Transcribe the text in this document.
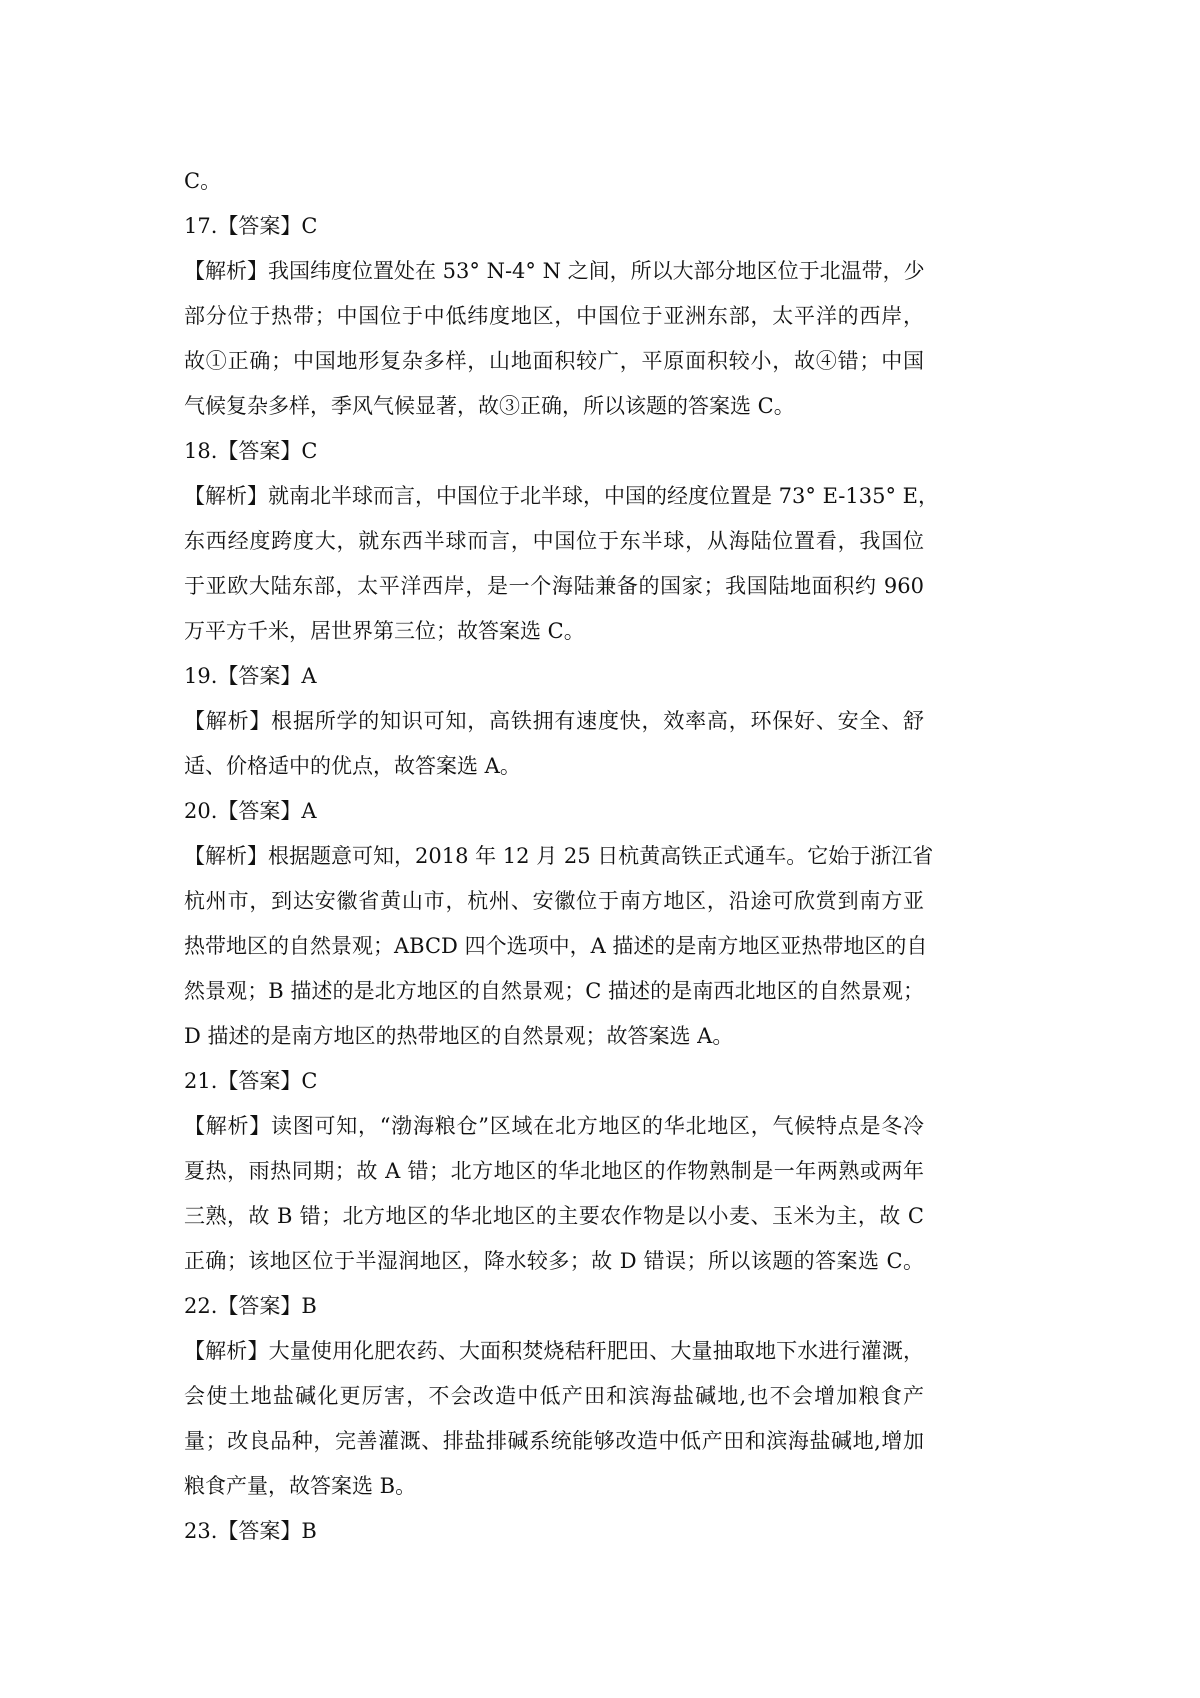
C。
17.【答案】C
【解析】我国纬度位置处在 53° N-4° N 之间，所以大部分地区位于北温带，少
部分位于热带；中国位于中低纬度地区，中国位于亚洲东部，太平洋的西岸，
故①正确；中国地形复杂多样，山地面积较广，平原面积较小，故④错；中国
气候复杂多样，季风气候显著，故③正确，所以该题的答案选 C。
18.【答案】C
【解析】就南北半球而言，中国位于北半球，中国的经度位置是 73° E-135° E，
东西经度跨度大，就东西半球而言，中国位于东半球，从海陆位置看，我国位
于亚欧大陆东部，太平洋西岸，是一个海陆兼备的国家；我国陆地面积约 960
万平方千米，居世界第三位；故答案选 C。
19.【答案】A
【解析】根据所学的知识可知，高铁拥有速度快，效率高，环保好、安全、舒
适、价格适中的优点，故答案选 A。
20.【答案】A
【解析】根据题意可知，2018 年 12 月 25 日杭黄高铁正式通车。它始于浙江省
杭州市，到达安徽省黄山市，杭州、安徽位于南方地区，沿途可欣赏到南方亚
热带地区的自然景观；ABCD 四个选项中，A 描述的是南方地区亚热带地区的自
然景观；B 描述的是北方地区的自然景观；C 描述的是南西北地区的自然景观；
D 描述的是南方地区的热带地区的自然景观；故答案选 A。
21.【答案】C
【解析】读图可知，“渤海粮仓”区域在北方地区的华北地区，气候特点是冬冷
夏热，雨热同期；故 A 错；北方地区的华北地区的作物熟制是一年两熟或两年
三熟，故 B 错；北方地区的华北地区的主要农作物是以小麦、玉米为主，故 C
正确；该地区位于半湿润地区，降水较多；故 D 错误；所以该题的答案选 C。
22.【答案】B
【解析】大量使用化肥农药、大面积焚烧秸秆肥田、大量抽取地下水进行灌溉，
会使土地盐碱化更厉害，不会改造中低产田和滨海盐碱地,也不会增加粮食产
量；改良品种，完善灌溉、排盐排碱系统能够改造中低产田和滨海盐碱地,增加
粮食产量，故答案选 B。
23.【答案】B
